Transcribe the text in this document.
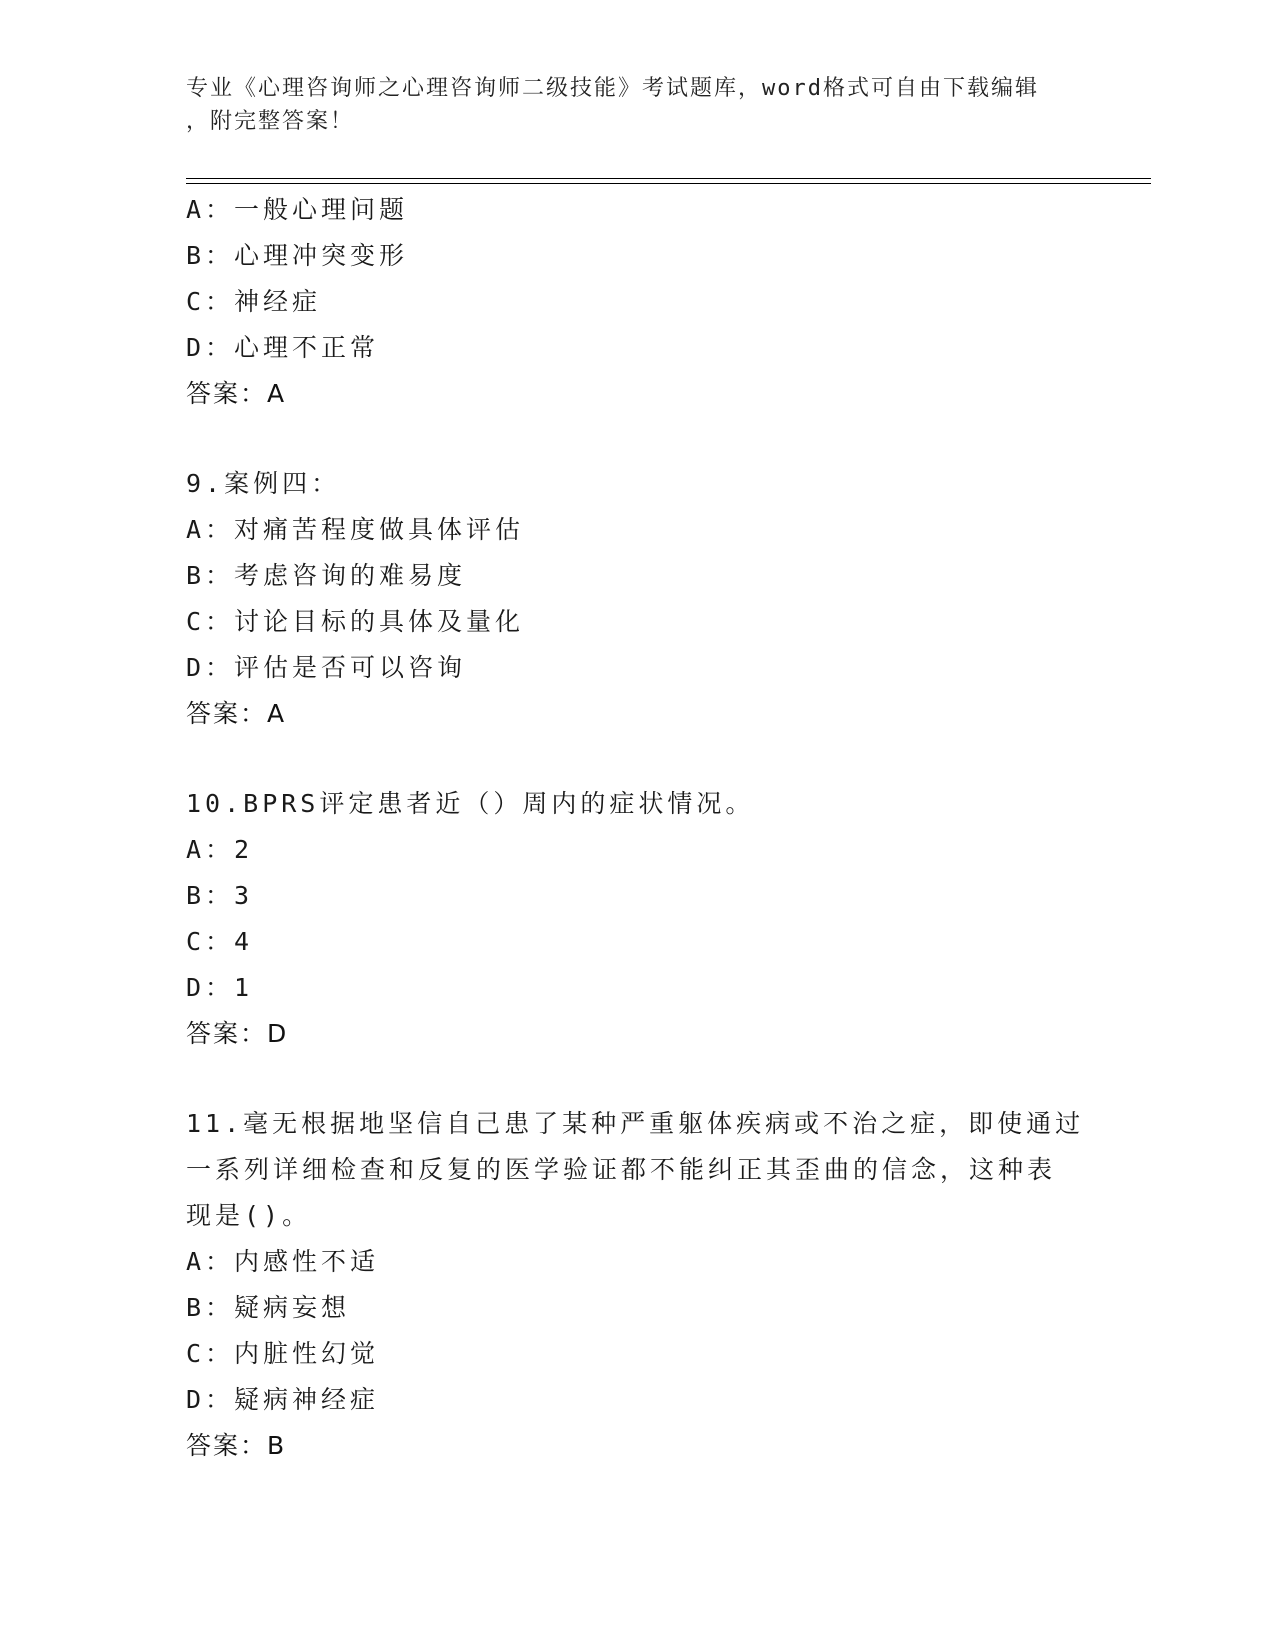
专业《心理咨询师之心理咨询师二级技能》考试题库，word格式可自由下载编辑
，附完整答案！
A：一般心理问题
B：心理冲突变形
C：神经症
D：心理不正常
答案：A
9.案例四：
A：对痛苦程度做具体评估
B：考虑咨询的难易度
C：讨论目标的具体及量化
D：评估是否可以咨询
答案：A
10.BPRS评定患者近（）周内的症状情况。
A：2
B：3
C：4
D：1
答案：D
11.毫无根据地坚信自己患了某种严重躯体疾病或不治之症，即使通过
一系列详细检查和反复的医学验证都不能纠正其歪曲的信念，这种表
现是()。
A：内感性不适
B：疑病妄想
C：内脏性幻觉
D：疑病神经症
答案：B
